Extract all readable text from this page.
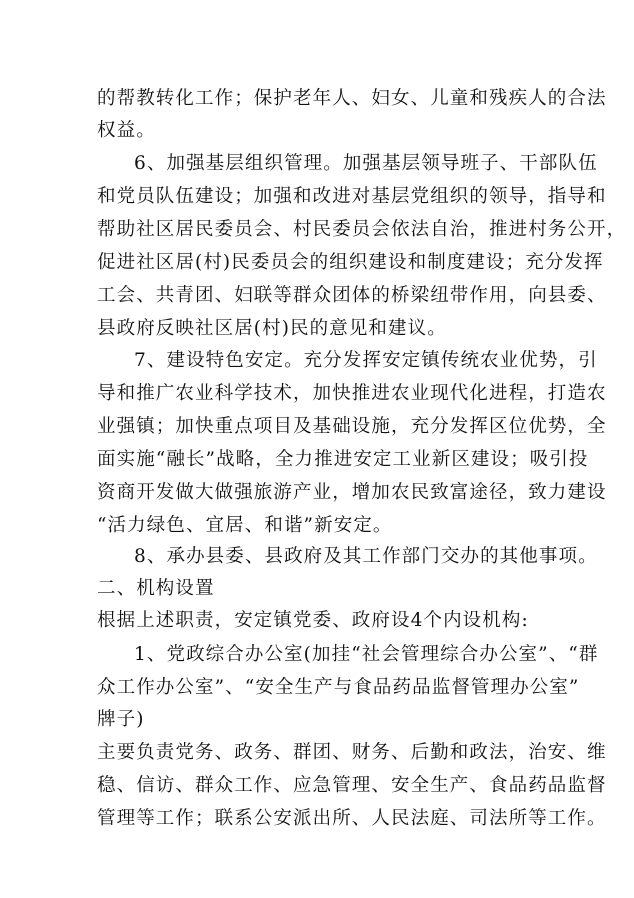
的帮教转化工作；保护老年人、妇女、儿童和残疾人的合法
权益。
6、加强基层组织管理。加强基层领导班子、干部队伍
和党员队伍建设；加强和改进对基层党组织的领导，指导和
帮助社区居民委员会、村民委员会依法自治，推进村务公开，
促进社区居(村)民委员会的组织建设和制度建设；充分发挥
工会、共青团、妇联等群众团体的桥梁纽带作用，向县委、
县政府反映社区居(村)民的意见和建议。
7、建设特色安定。充分发挥安定镇传统农业优势，引
导和推广农业科学技术，加快推进农业现代化进程，打造农
业强镇；加快重点项目及基础设施，充分发挥区位优势，全
面实施“融长”战略，全力推进安定工业新区建设；吸引投
资商开发做大做强旅游产业，增加农民致富途径，致力建设
“活力绿色、宜居、和谐”新安定。
8、承办县委、县政府及其工作部门交办的其他事项。
二、机构设置
根据上述职责，安定镇党委、政府设4个内设机构:
1、党政综合办公室(加挂“社会管理综合办公室”、“群
众工作办公室”、“安全生产与食品药品监督管理办公室”
牌子)
主要负责党务、政务、群团、财务、后勤和政法，治安、维
稳、信访、群众工作、应急管理、安全生产、食品药品监督
管理等工作；联系公安派出所、人民法庭、司法所等工作。
